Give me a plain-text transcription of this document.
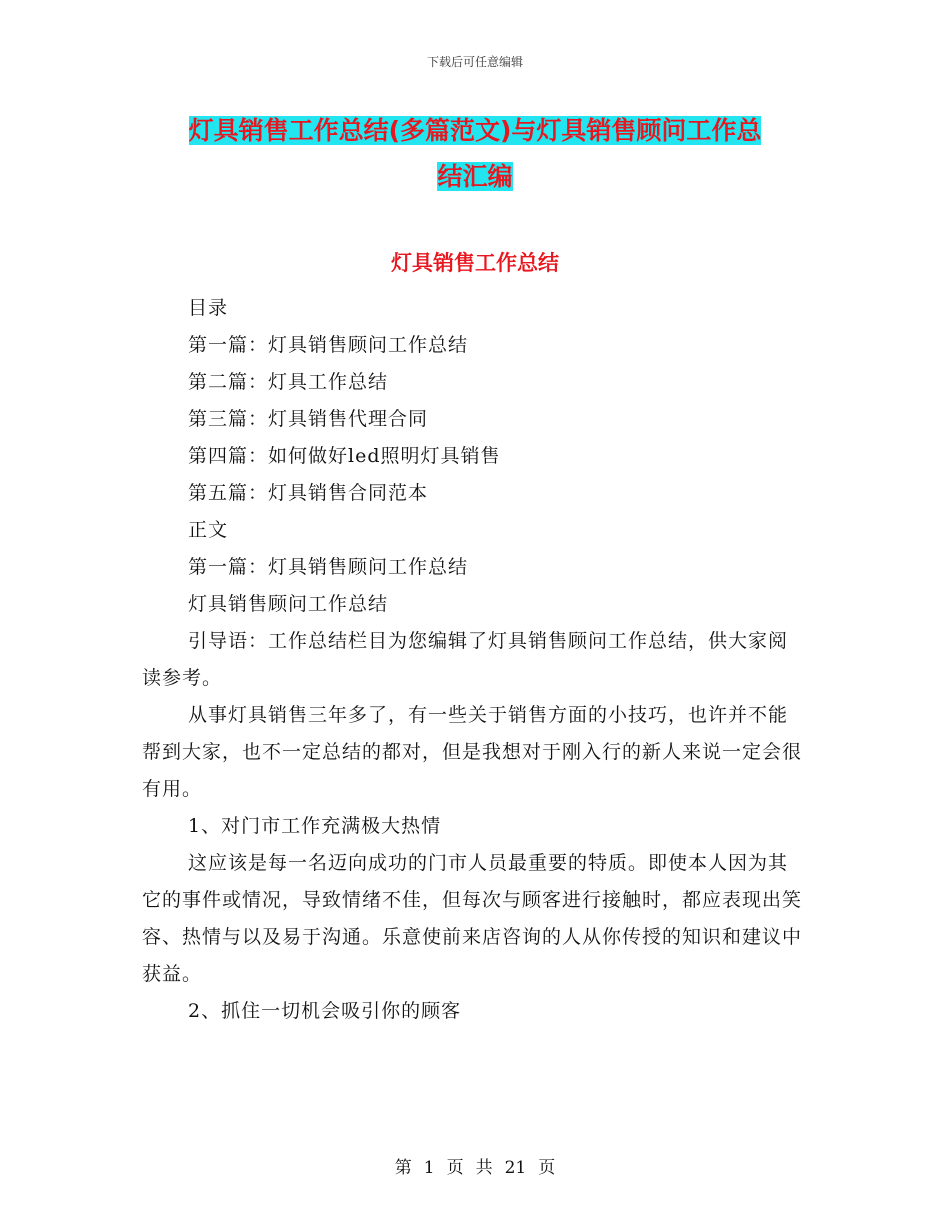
下载后可任意编辑
灯具销售工作总结(多篇范文)与灯具销售顾问工作总
结汇编
灯具销售工作总结

目录

第一篇：灯具销售顾问工作总结

第二篇：灯具工作总结

第三篇：灯具销售代理合同

第四篇：如何做好led照明灯具销售

第五篇：灯具销售合同范本

正文

第一篇：灯具销售顾问工作总结

灯具销售顾问工作总结

引导语：工作总结栏目为您编辑了灯具销售顾问工作总结，供大家阅读参考。

从事灯具销售三年多了，有一些关于销售方面的小技巧，也许并不能帮到大家，也不一定总结的都对，但是我想对于刚入行的新人来说一定会很有用。

1、对门市工作充满极大热情

这应该是每一名迈向成功的门市人员最重要的特质。即使本人因为其它的事件或情况，导致情绪不佳，但每次与顾客进行接触时，都应表现出笑容、热情与以及易于沟通。乐意使前来店咨询的人从你传授的知识和建议中获益。

2、抓住一切机会吸引你的顾客

第 1 页 共 21 页
